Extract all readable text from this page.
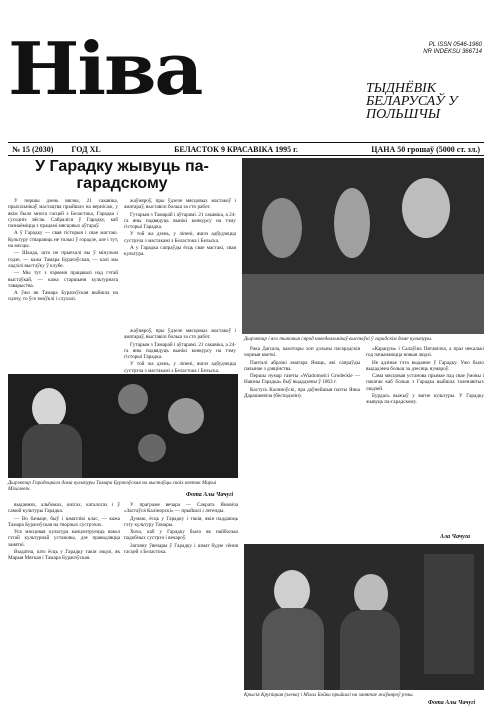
Ніва	PL ISSN 0546-1960
NR INDEKSU 366714
ТЫДНЁВІК БЕЛАРУСАЎ У ПОЛЬШЧЫ
№ 15 (2030) ГОД XL	БЕЛАСТОК 9 КРАСАВІКА 1995 г.	ЦАНА 50 грошаў (5000 ст. зл.)
У Гарадку жывуць па-гарадскому

У першы дзень вясны, 21 сакавіка, прыхільнікаў мастацтва прыйшло на вернісаж, у якім было многа гасцей з Беластока, Гарадка і суседніх вёсак. Сабраліся ў Гарадку, каб пазнаёміцца з працамі мясцовых аўтараў.

А ў Гарадку — свая гісторыя і свае мастакі. Культуру ствараюць не толькі ў горадзе, але і тут, на месцы.

— Шкада, што не прыехалі вы ў мінулым годзе, — кажа Тамара Бурачэўская, — калі мы ладзілі выстаўку ў клубе.

— Мы тут з чэрвеня працавалі над гэтай выстаўкай, — кажа старшыня культурнага таварыства.

А ўжо як Тамара Бурачэўская выйшла на сцэну, то ўсе змоўклі і слухалі.

жаўняроў, пры ўдзеле мясцовых мастакоў і аматараў, выставілі больш за сто работ.

Гутарым з Тамарай і аўтарамі. 21 сакавіка, а 24-га яны падвядуць вынікі конкурсу на тэму гісторыі Гарадка.

У той жа дзень, у ліпені, яшчэ адбудзецца сустрэча з мастакамі з Беластока і Бельска.

А у Гарадка сапраўды ёсць свае мастакі, свая культура.

Дырэктар і яго тыповыя сярод наведвальнікаў выстаўкі ў гарадскім доме культуры.

жаўняроў, пры ўдзеле мясцовых мастакоў і аматараў, выставілі больш за сто работ.

Гутарым з Тамарай і аўтарамі. 21 сакавіка, а 24-га яны падвядуць вынікі конкурсу на тэму гісторыі Гарадка.

У той жа дзень, у ліпені, яшчэ адбудзецца сустрэча з мастакамі з Беластока і Бельска.

Дырэктар Гарадоцкага дома культуры Тамара Бурачэўская на выстаўцы сваіх кветак Марыі Міхалевіч.
Фота Алы Чачугі

Рака Дагшла, камэтары хоп дэльны пагарадскія чорныя кветкі.

Панталі абразкі аматара Янаць, які сапраўды пачынае з дзяцінства.

Першы нумар газеты «Wiadomości Grodeckie — Навіны Гарадка» быў выдадзены ў 1863 г.

Кастусь Калиноўскі, пра даўнейшыя паэты Янка Дарашкевіча (беспадзеін).

«Карацум» і Салаўіна Пятавічча, а праз некалькі год пачынаюцца новыя людзі.

Не адзінае гэта выданне ў Гарадку. Ужо было выдадзена больш за дзесяць нумароў.

Сама мясцовая установа прымае пад свае ўмовы і пачатак каб больш з Гарадка выйшла таленавітых людзей.

Бурдась выжыў у вагне культуры. У Гарадку жывуць па-гарадскому.

Ала Чачуга

выданнях, альбомах, кнігах, каталогах і ў самой культуры Гарадка.

— Во бачыце, быў і шматлікі клас, — кажа Тамара Бурачэўская на творчых сустрэчах.

Уся мясцовая культура канцэнтруецца вакол гэтай культурнай установы, дзе праводзяцца заняткі.

Выдатна, што ёсць у Гарадку такія людзі, як Марыя Мягкая і Тамара Бурачэўская.

У праграме вечара — Сакрата Яновіча «Застаўся Калінорскі» — прыйшлі і легенды.

Думаю, ёсць у Гарадку і такія, якія паддаюць гэту культуру Тамары.

Хоча, каб у Гарадку было як найбольш падобных сустрэч і вечароў.

Загляну ўвечары ў Гарадку і шмат будзе сёння гасцей з Беластока.

Крысія Крупіцкая (злева) і Міхал Бойка прыйшлі на занятае жаўняроў рэчы.
Фота Алы Чачугі
